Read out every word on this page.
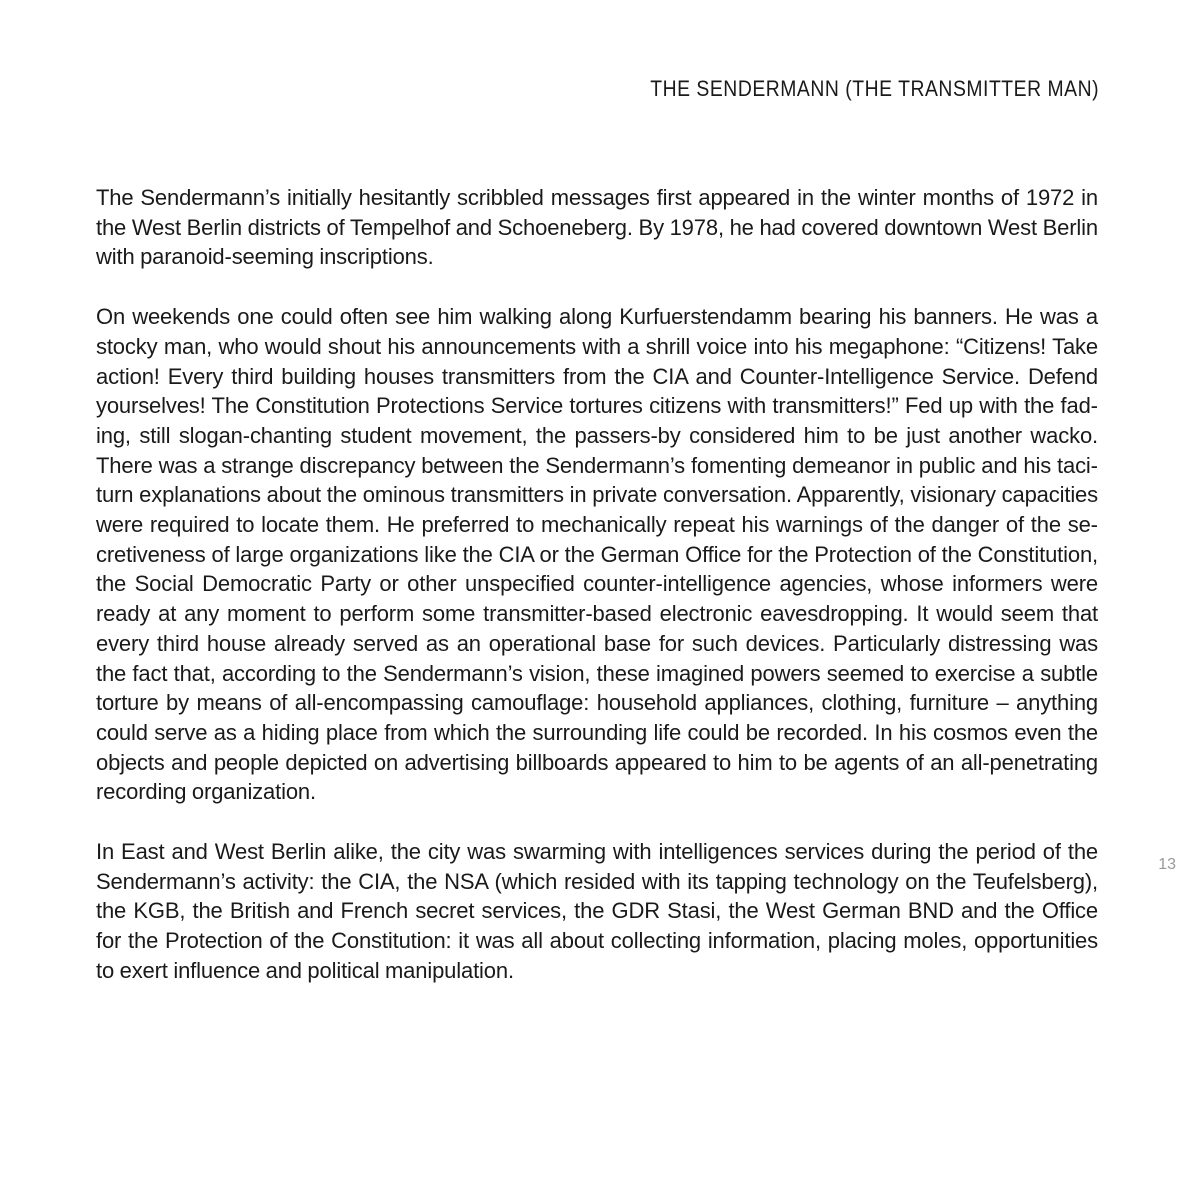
THE SENDERMANN (THE TRANSMITTER MAN)

The Sendermann’s initially hesitantly scribbled messages first appeared in the winter months of 1972 in the West Berlin districts of Tempelhof and Schoeneberg. By 1978, he had covered downtown West Berlin with paranoid-seeming inscriptions.

On weekends one could often see him walking along Kurfuerstendamm bearing his banners. He was a stocky man, who would shout his announcements with a shrill voice into his megaphone: “Citizens! Take action! Every third building houses transmitters from the CIA and Counter-Intelligence Service. Defend yourselves! The Constitution Protections Service tortures citizens with transmitters!” Fed up with the fading, still slogan-chanting student movement, the passers-by considered him to be just another wacko. There was a strange discrepancy between the Sendermann’s fomenting demeanor in public and his taciturn explanations about the ominous transmitters in private conversation. Apparently, visionary capacities were required to locate them. He preferred to mechanically repeat his warnings of the danger of the secretiveness of large organizations like the CIA or the German Office for the Protection of the Constitution, the Social Democratic Party or other unspecified counter-intelligence agencies, whose informers were ready at any moment to perform some transmitter-based electronic eavesdropping. It would seem that every third house already served as an operational base for such devices. Particularly distressing was the fact that, according to the Sendermann’s vision, these imagined powers seemed to exercise a subtle torture by means of all-encompassing camouflage: household appliances, clothing, furniture – anything could serve as a hiding place from which the surrounding life could be recorded. In his cosmos even the objects and people depicted on advertising billboards appeared to him to be agents of an all-penetrating recording organization.

In East and West Berlin alike, the city was swarming with intelligences services during the period of the Sendermann’s activity: the CIA, the NSA (which resided with its tapping technology on the Teufelsberg), the KGB, the British and French secret services, the GDR Stasi, the West German BND and the Office for the Protection of the Constitution: it was all about collecting information, placing moles, opportunities to exert influence and political manipulation.

13
